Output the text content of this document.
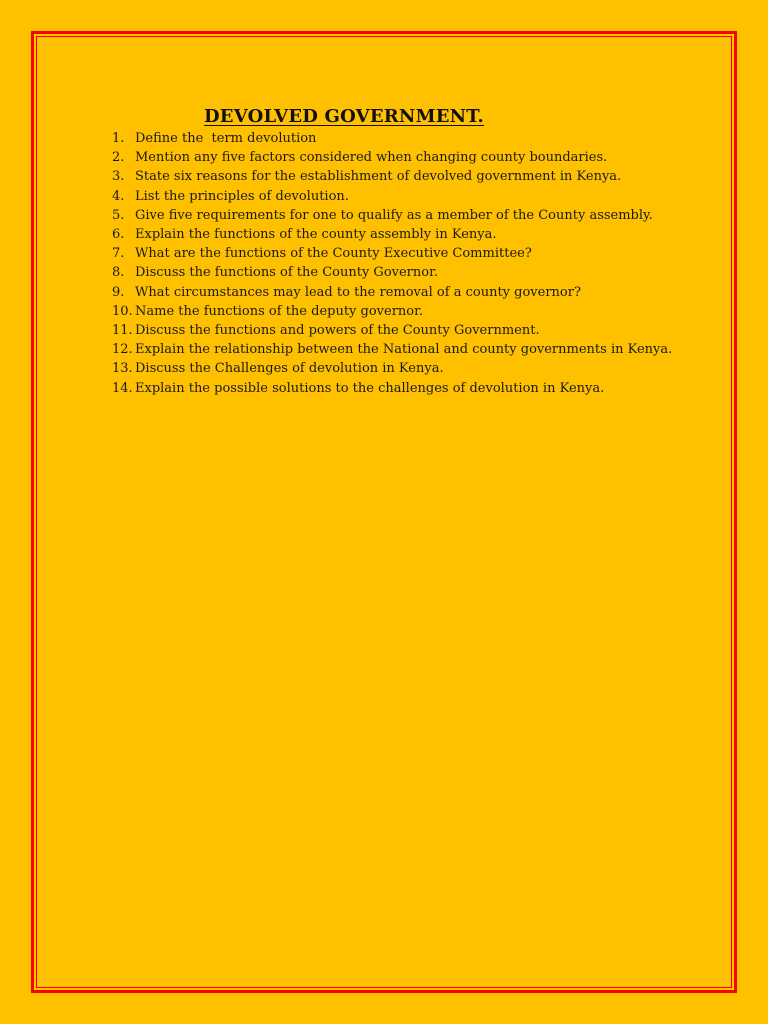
DEVOLVED GOVERNMENT.
1. Define the  term devolution
2. Mention any five factors considered when changing county boundaries.
3. State six reasons for the establishment of devolved government in Kenya.
4. List the principles of devolution.
5. Give five requirements for one to qualify as a member of the County assembly.
6. Explain the functions of the county assembly in Kenya.
7. What are the functions of the County Executive Committee?
8. Discuss the functions of the County Governor.
9. What circumstances may lead to the removal of a county governor?
10. Name the functions of the deputy governor.
11. Discuss the functions and powers of the County Government.
12. Explain the relationship between the National and county governments in Kenya.
13. Discuss the Challenges of devolution in Kenya.
14. Explain the possible solutions to the challenges of devolution in Kenya.
